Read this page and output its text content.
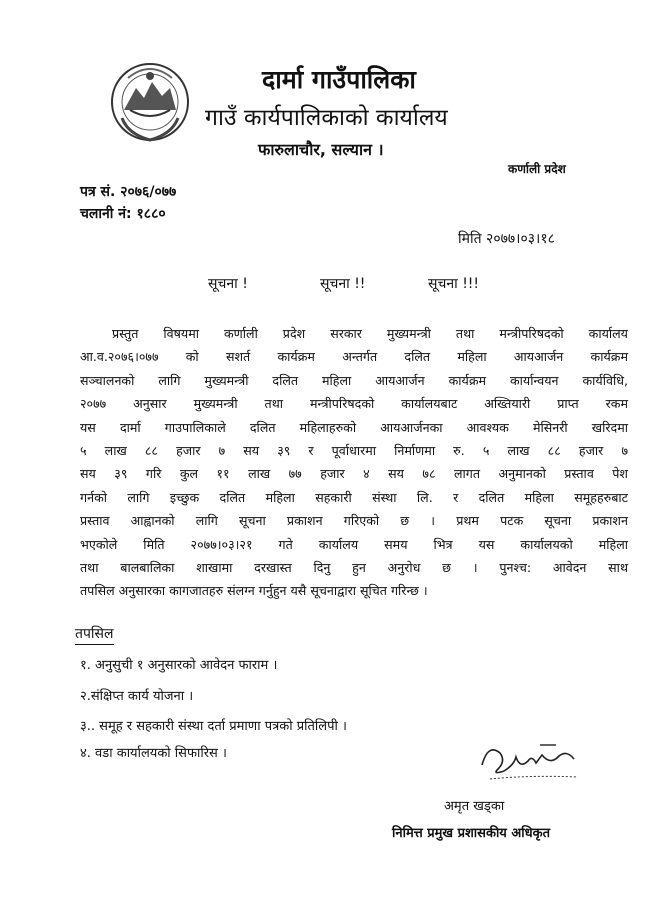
दार्मा गाउँपालिका
गाउँ कार्यपालिकाको कार्यालय
फारुलाचौर, सल्यान ।
कर्णाली प्रदेश
पत्र सं. २०७६/०७७
चलानी नं: १८८०
मिति २०७७।०३।१८
सूचना !	सूचना !!	सूचना !!!
प्रस्तुत विषयमा कर्णाली प्रदेश सरकार मुख्यमन्त्री तथा मन्त्रीपरिषदको कार्यालय
आ.व.२०७६।०७७ को सशर्त कार्यक्रम अन्तर्गत दलित महिला आयआर्जन कार्यक्रम
सञ्चालनको लागि मुख्यमन्त्री दलित महिला आयआर्जन कार्यक्रम कार्यान्वयन कार्यविधि,
२०७७ अनुसार मुख्यमन्त्री तथा मन्त्रीपरिषदको कार्यालयबाट अख्तियारी प्राप्त रकम
यस दार्मा गाउपालिकाले दलित महिलाहरुको आयआर्जनका आवश्यक मेसिनरी खरिदमा
५ लाख ८८ हजार ७ सय ३९ र पूर्वाधारमा निर्माणमा रु. ५ लाख ८८ हजार ७
सय ३९ गरि कुल ११ लाख ७७ हजार ४ सय ७८ लागत अनुमानको प्रस्ताव पेश
गर्नको लागि इच्छुक दलित महिला सहकारी संस्था लि. र दलित महिला समूहहरुबाट
प्रस्ताव आह्वानको लागि सूचना प्रकाशन गरिएको छ । प्रथम पटक सूचना प्रकाशन
भएकोले मिति २०७७।०३।२१ गते कार्यालय समय भित्र यस कार्यालयको महिला
तथा बालबालिका शाखामा दरखास्त दिनु हुन अनुरोध छ । पुनश्च: आवेदन साथ
तपसिल अनुसारका कागजातहरु संलग्न गर्नुहुन यसै सूचनाद्वारा सूचित गरिन्छ ।
तपसिल
१. अनुसुची १ अनुसारको आवेदन फाराम ।
२.संक्षिप्त कार्य योजना ।
३.. समूह र सहकारी संस्था दर्ता प्रमाणा पत्रको प्रतिलिपी ।
४. वडा कार्यालयको सिफारिस ।
अमृत खड्का
निमित्त प्रमुख प्रशासकीय अधिकृत
